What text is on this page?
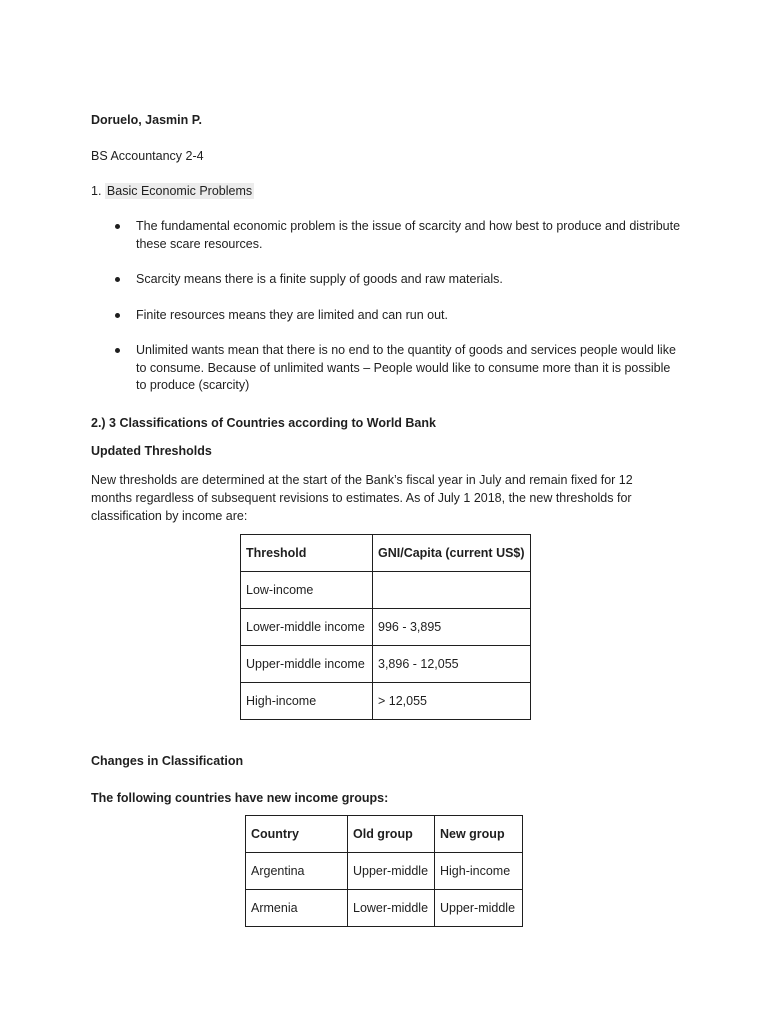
Doruelo, Jasmin P.
BS Accountancy 2-4
1. Basic Economic Problems
The fundamental economic problem is the issue of scarcity and how best to produce and distribute these scare resources.
Scarcity means there is a finite supply of goods and raw materials.
Finite resources means they are limited and can run out.
Unlimited wants mean that there is no end to the quantity of goods and services people would like to consume. Because of unlimited wants – People would like to consume more than it is possible to produce (scarcity)
2.) 3 Classifications of Countries according to World Bank
Updated Thresholds
New thresholds are determined at the start of the Bank’s fiscal year in July and remain fixed for 12 months regardless of subsequent revisions to estimates. As of July 1 2018, the new thresholds for classification by income are:
Threshold	GNI/Capita (current US$)
Low-income	
Lower-middle income	996 - 3,895
Upper-middle income	3,896 - 12,055
High-income	> 12,055
Changes in Classification
The following countries have new income groups:
Country	Old group	New group
Argentina	Upper-middle	High-income
Armenia	Lower-middle	Upper-middle
